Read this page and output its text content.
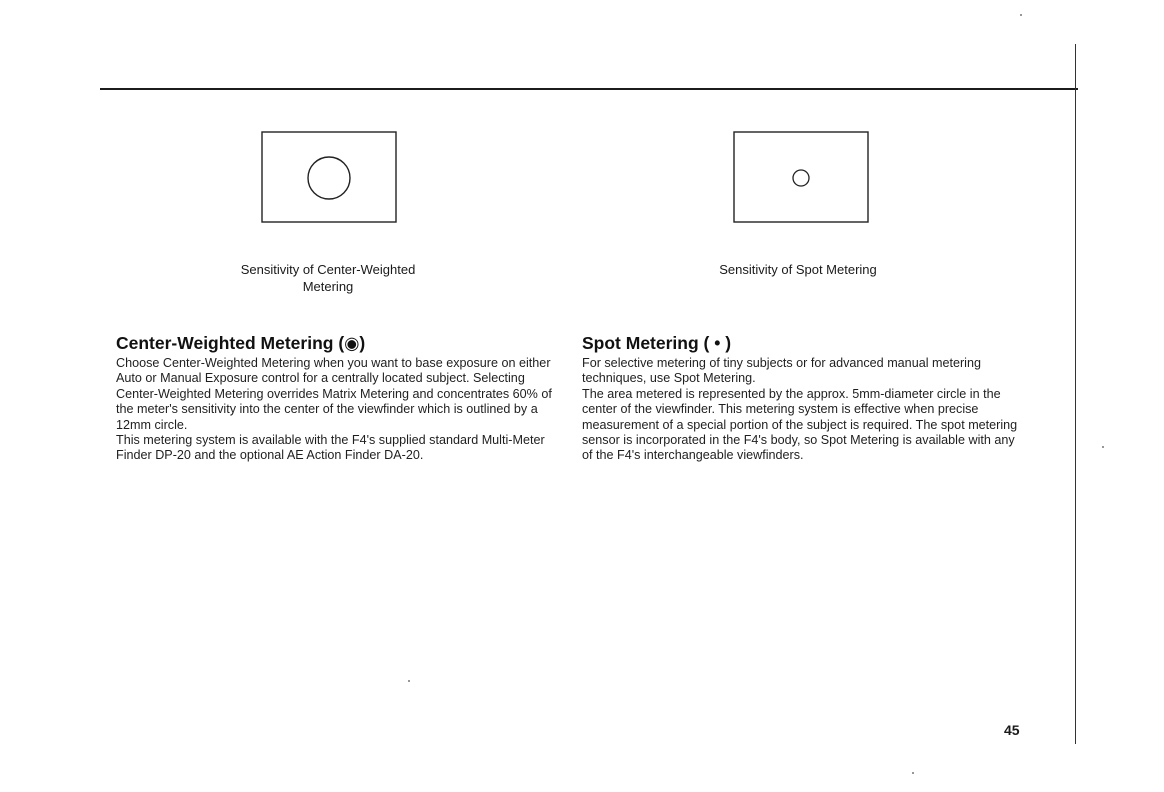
Sensitivity of Center-Weighted
Metering
Sensitivity of Spot Metering
Center-Weighted Metering (◉)

Choose Center-Weighted Metering when you want to base exposure on either Auto or Manual Exposure control for a centrally located subject. Selecting Center-Weighted Metering overrides Matrix Metering and concentrates 60% of the meter's sensitivity into the center of the viewfinder which is outlined by a 12mm circle.

This metering system is available with the F4's supplied standard Multi-Meter Finder DP-20 and the optional AE Action Finder DA-20.

Spot Metering ( • )

For selective metering of tiny subjects or for advanced manual metering techniques, use Spot Metering.

The area metered is represented by the approx. 5mm-diameter circle in the center of the viewfinder. This metering system is effective when precise measurement of a special portion of the subject is required. The spot metering sensor is incorporated in the F4's body, so Spot Metering is available with any of the F4's interchangeable viewfinders.

45
